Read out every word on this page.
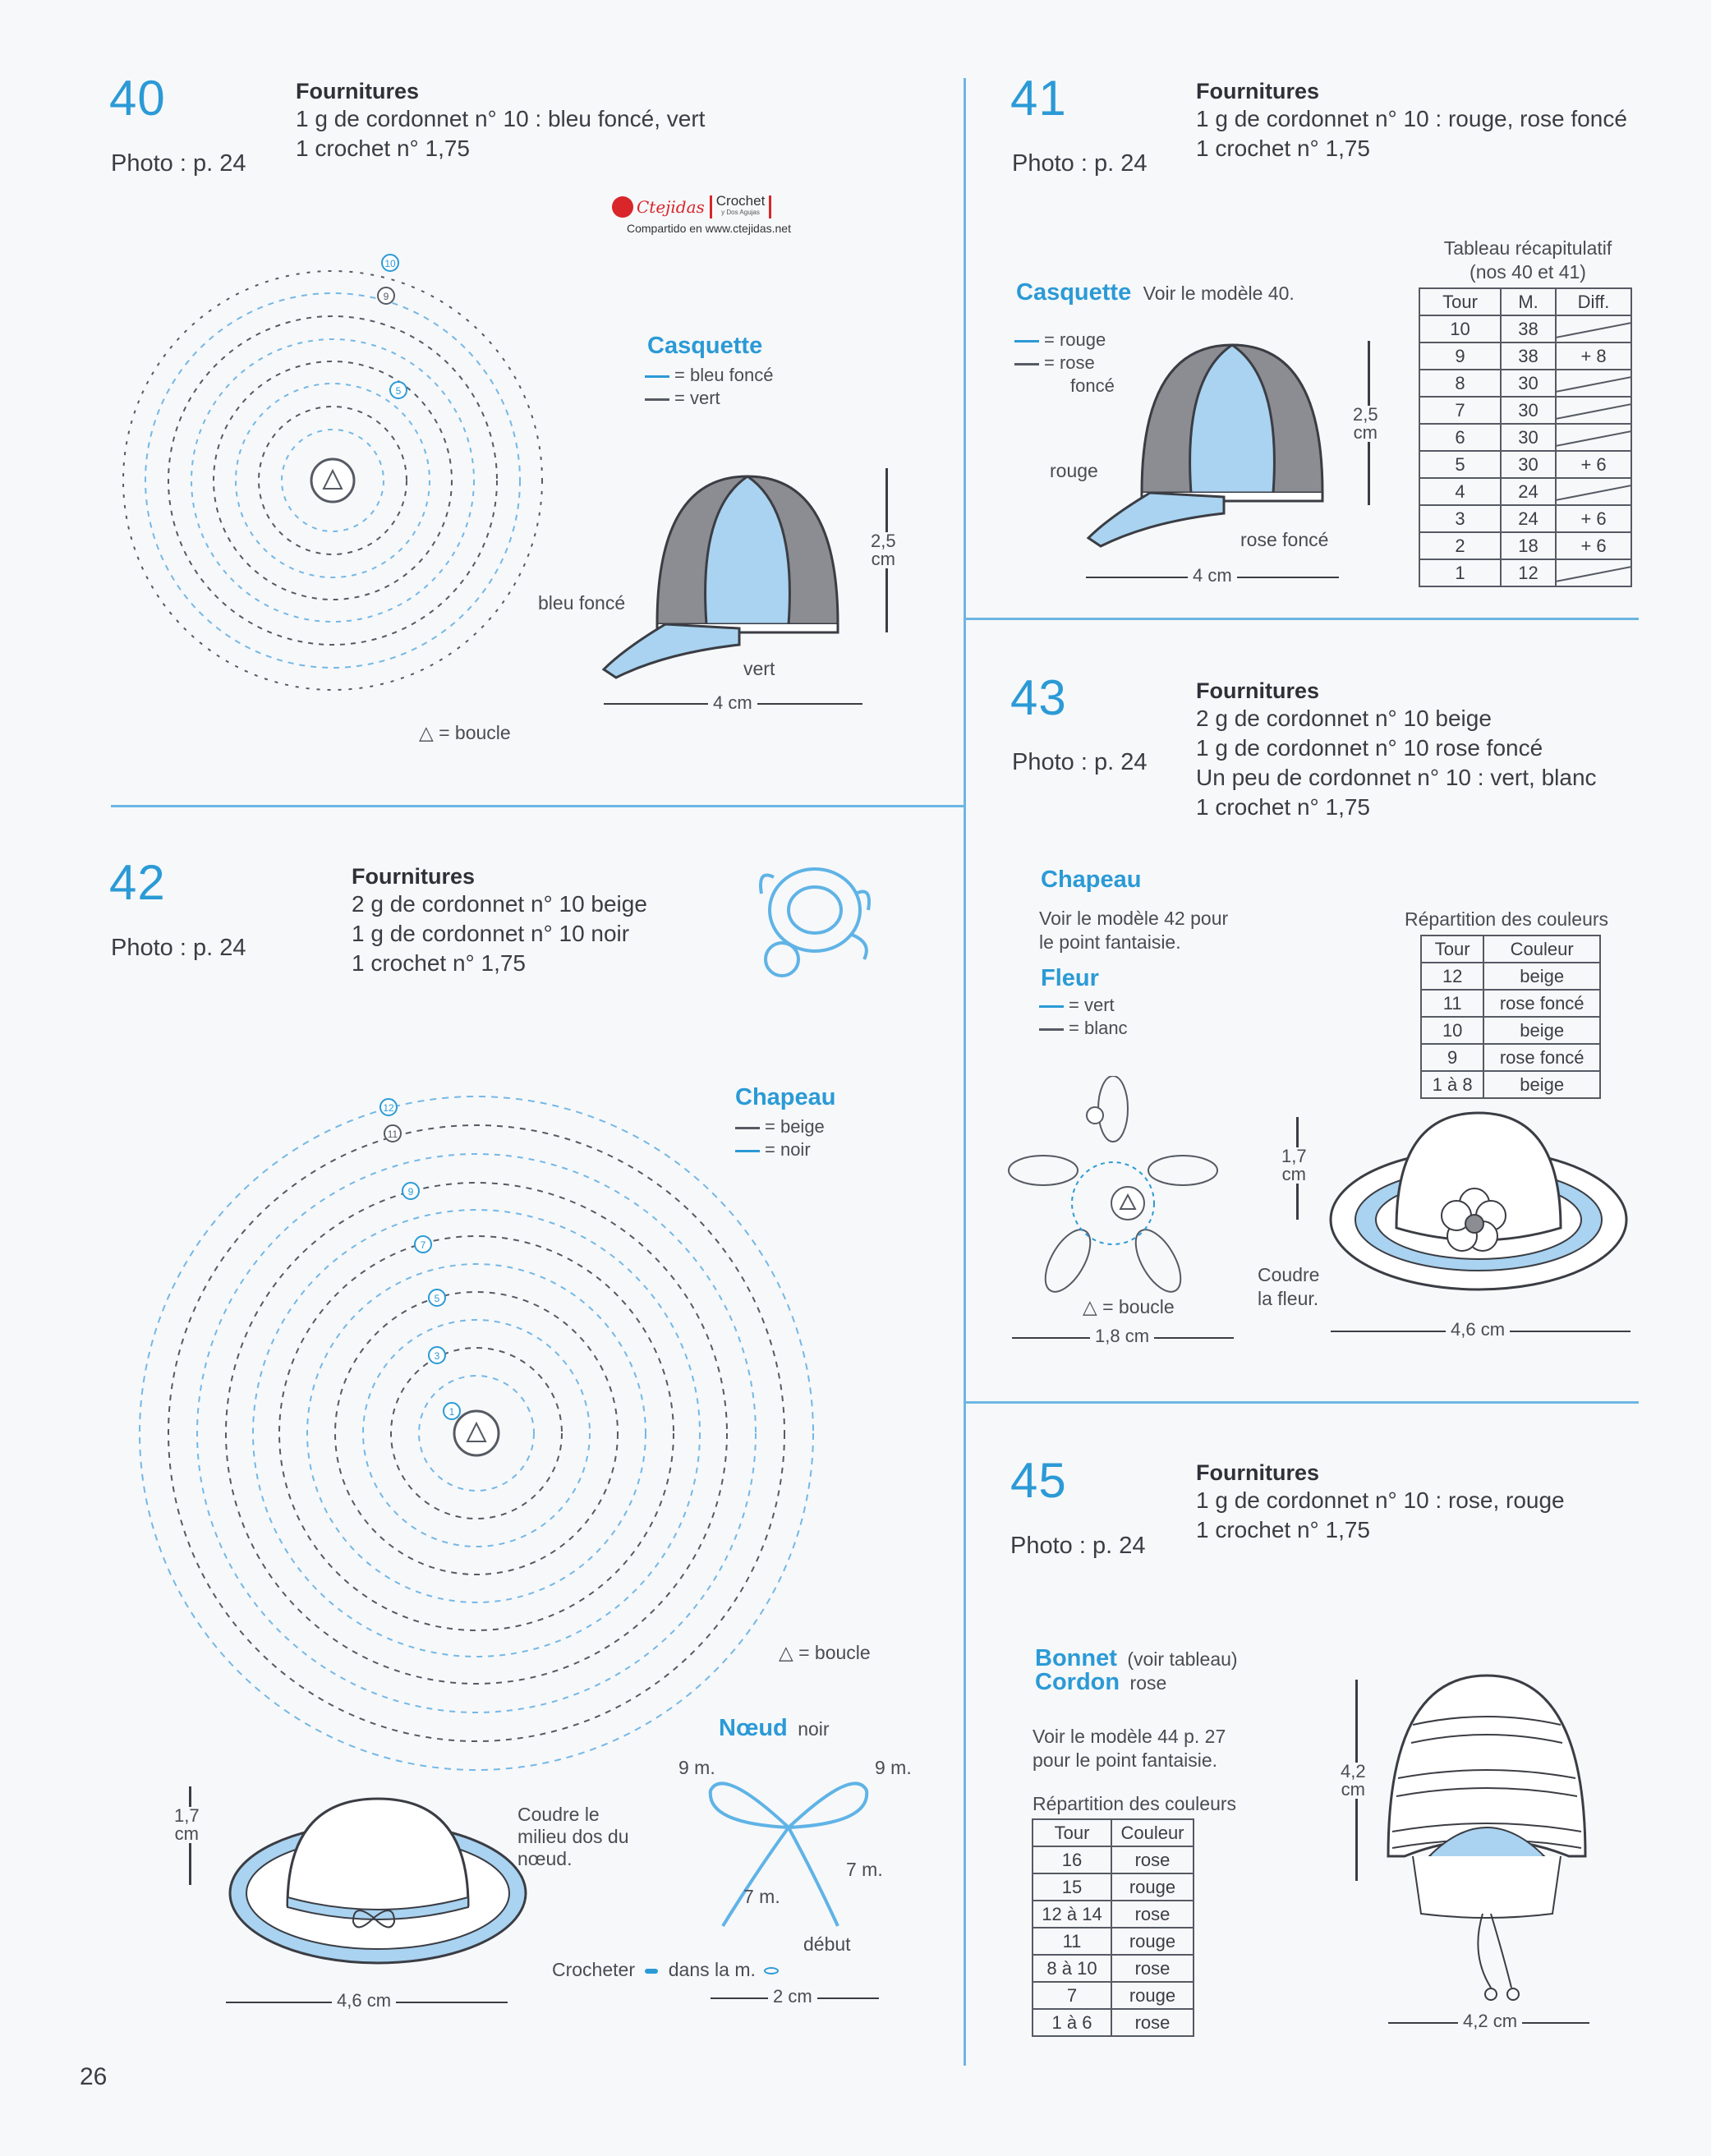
Ctejidas Crochet
y Dos Agujas
Compartido en www.ctejidas.net
40
Photo : p. 24
Fournitures
1 g de cordonnet n° 10 : bleu foncé, vert
1 crochet n° 1,75
10
9
5
△ = boucle
Casquette
= bleu foncé
= vert
bleu foncé
vert
2,5
cm
4 cm
41
Photo : p. 24
Fournitures
1 g de cordonnet n° 10 : rouge, rose foncé
1 crochet n° 1,75
Casquette Voir le modèle 40.
= rouge
= rose
foncé
rouge
rose foncé
2,5
cm
4 cm
Tableau récapitulatif
(nos 40 et 41)
Tour	M.	Diff.
10	38	
9	38	+ 8
8	30	
7	30	
6	30	
5	30	+ 6
4	24	
3	24	+ 6
2	18	+ 6
1	12	
42
Photo : p. 24
Fournitures
2 g de cordonnet n° 10 beige
1 g de cordonnet n° 10 noir
1 crochet n° 1,75
12
11
9
7
5
3
1
Chapeau
= beige
= noir
△ = boucle
Nœud noir
9 m.	9 m.
7 m.
7 m.
début
Crocheter dans la m.
2 cm
Coudre le
milieu dos du
nœud.
1,7
cm
4,6 cm
43
Photo : p. 24
Fournitures
2 g de cordonnet n° 10 beige
1 g de cordonnet n° 10 rose foncé
Un peu de cordonnet n° 10 : vert, blanc
1 crochet n° 1,75
Chapeau
Voir le modèle 42 pour
le point fantaisie.
Fleur
= vert
= blanc
△ = boucle
1,8 cm
Répartition des couleurs
Tour	Couleur
12	beige
11	rose foncé
10	beige
9	rose foncé
1 à 8	beige
1,7
cm
Coudre
la fleur.
4,6 cm
45
Photo : p. 24
Fournitures
1 g de cordonnet n° 10 : rose, rouge
1 crochet n° 1,75
Bonnet (voir tableau)
Cordon rose
Voir le modèle 44 p. 27
pour le point fantaisie.
Répartition des couleurs
Tour	Couleur
16	rose
15	rouge
12 à 14	rose
11	rouge
8 à 10	rose
7	rouge
1 à 6	rose
4,2
cm
4,2 cm
26
